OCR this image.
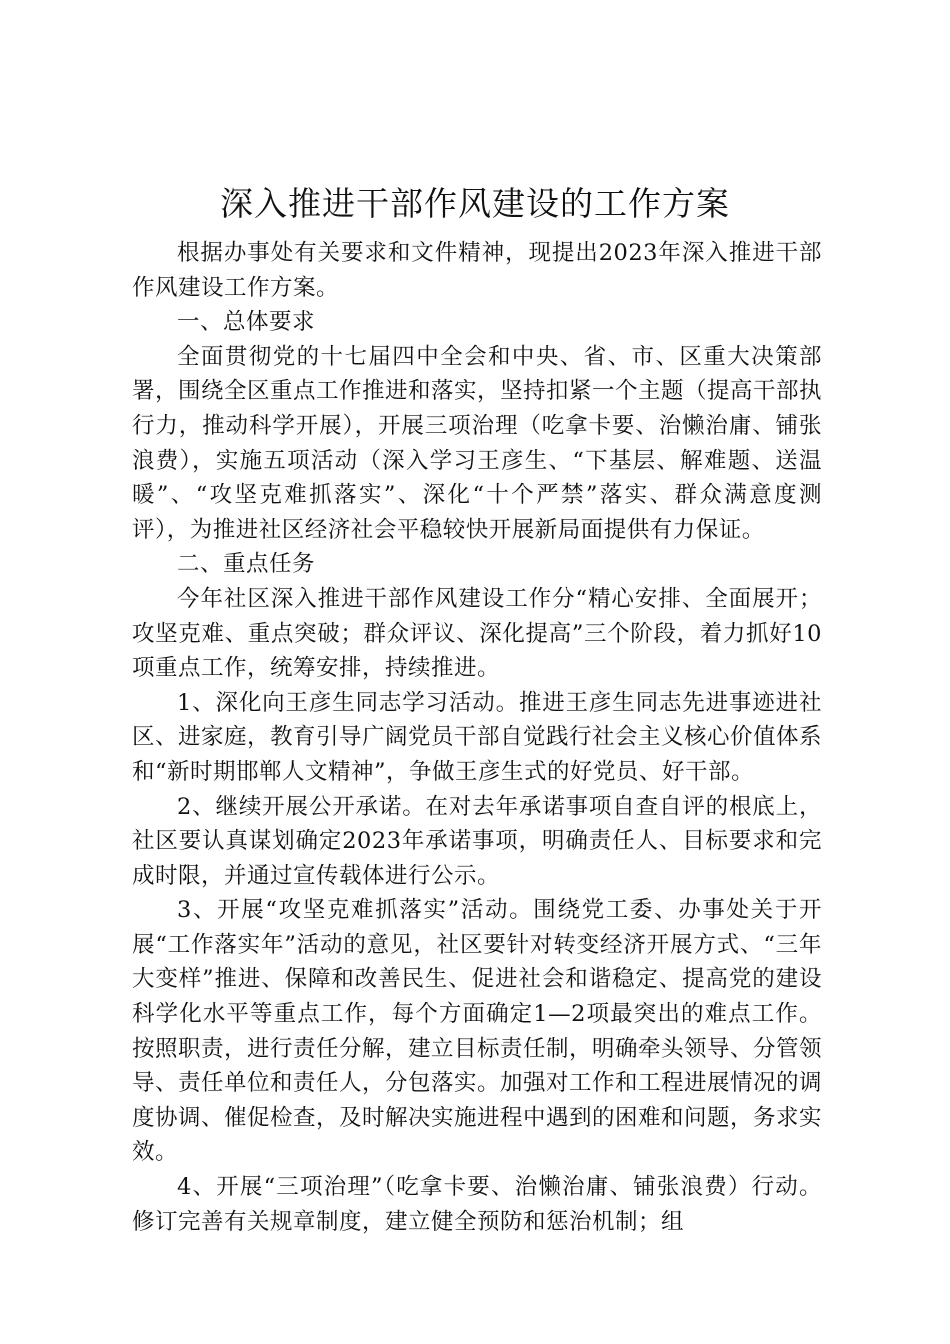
深入推进干部作风建设的工作方案

根据办事处有关要求和文件精神，现提出2023年深入推进干部作风建设工作方案。

一、总体要求

全面贯彻党的十七届四中全会和中央、省、市、区重大决策部署，围绕全区重点工作推进和落实，坚持扣紧一个主题（提高干部执行力，推动科学开展），开展三项治理（吃拿卡要、治懒治庸、铺张浪费），实施五项活动（深入学习王彦生、“下基层、解难题、送温暖”、“攻坚克难抓落实”、深化“十个严禁”落实、群众满意度测评），为推进社区经济社会平稳较快开展新局面提供有力保证。

二、重点任务

今年社区深入推进干部作风建设工作分“精心安排、全面展开；攻坚克难、重点突破；群众评议、深化提高”三个阶段，着力抓好10项重点工作，统筹安排，持续推进。

1、深化向王彦生同志学习活动。推进王彦生同志先进事迹进社区、进家庭，教育引导广阔党员干部自觉践行社会主义核心价值体系和“新时期邯郸人文精神”，争做王彦生式的好党员、好干部。

2、继续开展公开承诺。在对去年承诺事项自查自评的根底上，社区要认真谋划确定2023年承诺事项，明确责任人、目标要求和完成时限，并通过宣传载体进行公示。

3、开展“攻坚克难抓落实”活动。围绕党工委、办事处关于开展“工作落实年”活动的意见，社区要针对转变经济开展方式、“三年大变样”推进、保障和改善民生、促进社会和谐稳定、提高党的建设科学化水平等重点工作，每个方面确定1—2项最突出的难点工作。按照职责，进行责任分解，建立目标责任制，明确牵头领导、分管领导、责任单位和责任人，分包落实。加强对工作和工程进展情况的调度协调、催促检查，及时解决实施进程中遇到的困难和问题，务求实效。

4、开展“三项治理”（吃拿卡要、治懒治庸、铺张浪费）行动。修订完善有关规章制度，建立健全预防和惩治机制；组
